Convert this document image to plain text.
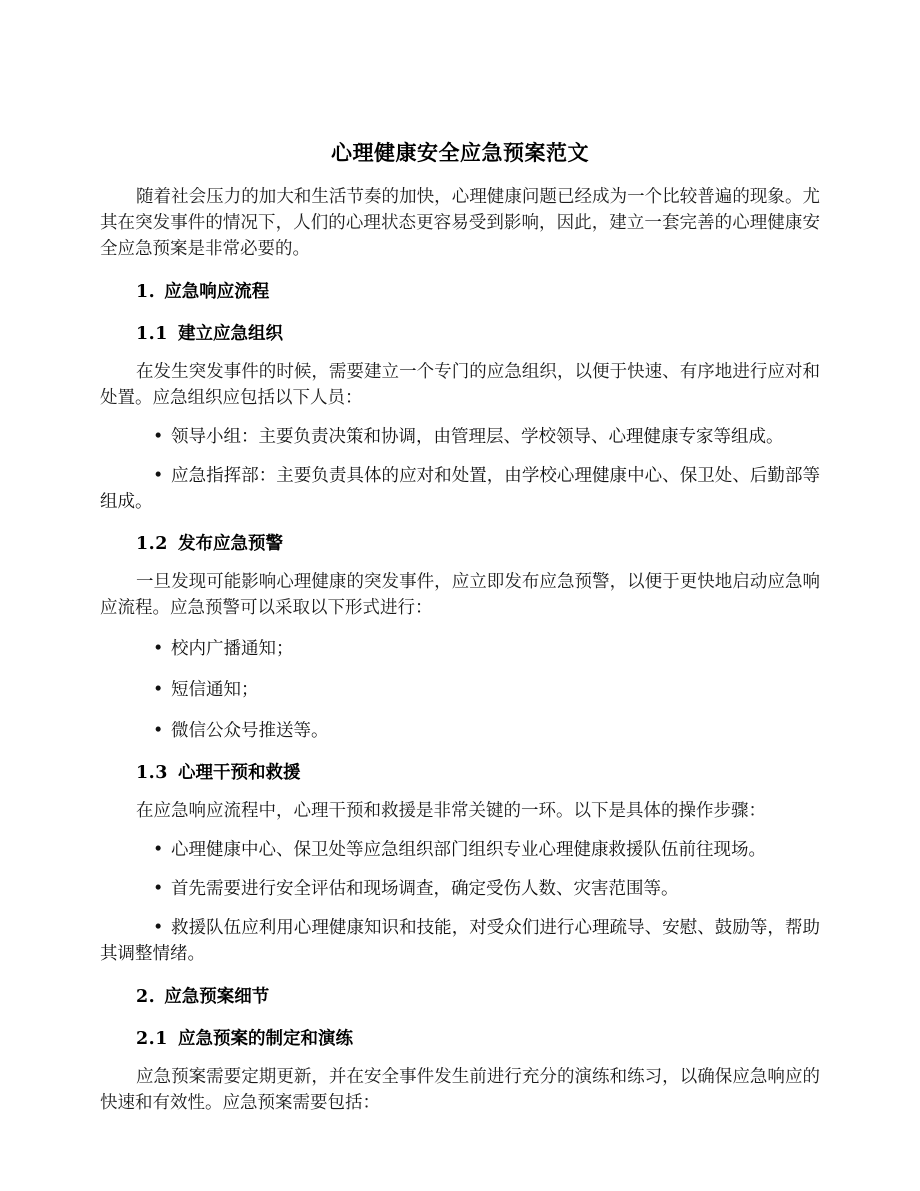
心理健康安全应急预案范文

随着社会压力的加大和生活节奏的加快，心理健康问题已经成为一个比较普遍的现象。尤其在突发事件的情况下，人们的心理状态更容易受到影响，因此，建立一套完善的心理健康安全应急预案是非常必要的。

1. 应急响应流程
1.1 建立应急组织

在发生突发事件的时候，需要建立一个专门的应急组织，以便于快速、有序地进行应对和处置。应急组织应包括以下人员：

•领导小组：主要负责决策和协调，由管理层、学校领导、心理健康专家等组成。
•应急指挥部：主要负责具体的应对和处置，由学校心理健康中心、保卫处、后勤部等组成。
1.2 发布应急预警

一旦发现可能影响心理健康的突发事件，应立即发布应急预警，以便于更快地启动应急响应流程。应急预警可以采取以下形式进行：

•校内广播通知；
•短信通知；
•微信公众号推送等。
1.3 心理干预和救援

在应急响应流程中，心理干预和救援是非常关键的一环。以下是具体的操作步骤：

•心理健康中心、保卫处等应急组织部门组织专业心理健康救援队伍前往现场。
•首先需要进行安全评估和现场调查，确定受伤人数、灾害范围等。
•救援队伍应利用心理健康知识和技能，对受众们进行心理疏导、安慰、鼓励等，帮助其调整情绪。
2. 应急预案细节
2.1 应急预案的制定和演练

应急预案需要定期更新，并在安全事件发生前进行充分的演练和练习，以确保应急响应的快速和有效性。应急预案需要包括：
